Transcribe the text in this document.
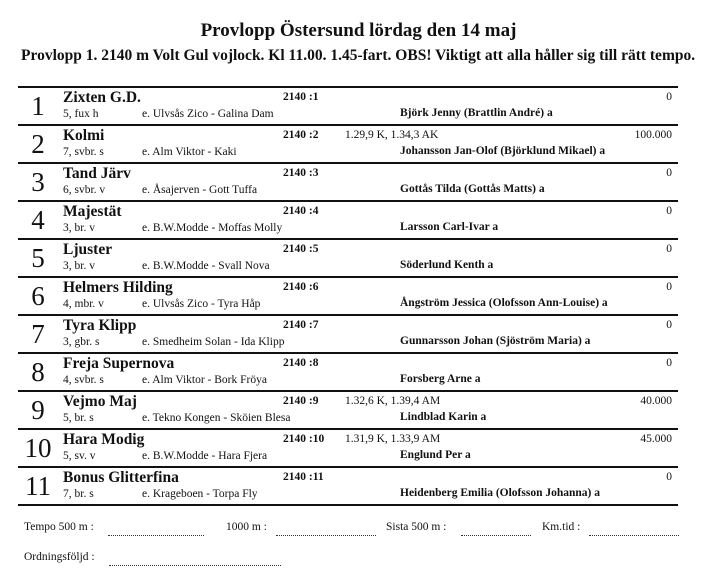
Provlopp Östersund lördag den 14 maj
Provlopp 1. 2140 m Volt Gul vojlock. Kl 11.00. 1.45-fart. OBS! Viktigt att alla håller sig till rätt tempo.
1	Zixten G.D.
5, fux h	e. Ulvsås Zico - Galina Dam
2140 :1
Björk Jenny (Brattlin André) a
0
2	Kolmi
7, svbr. s	e. Alm Viktor - Kaki
2140 :2 1.29,9 K, 1.34,3 AK
Johansson Jan-Olof (Björklund Mikael) a
100.000
3	Tand Järv
6, svbr. v	e. Åsajerven - Gott Tuffa
2140 :3
Gottås Tilda (Gottås Matts) a
0
4	Majestät
3, br. v	e. B.W.Modde - Moffas Molly
2140 :4
Larsson Carl-Ivar a
0
5	Ljuster
3, br. v	e. B.W.Modde - Svall Nova
2140 :5
Söderlund Kenth a
0
6	Helmers Hilding
4, mbr. v	e. Ulvsås Zico - Tyra Håp
2140 :6
Ångström Jessica (Olofsson Ann-Louise) a
0
7	Tyra Klipp
3, gbr. s	e. Smedheim Solan - Ida Klipp
2140 :7
Gunnarsson Johan (Sjöström Maria) a
0
8	Freja Supernova
4, svbr. s	e. Alm Viktor - Bork Fröya
2140 :8
Forsberg Arne a
0
9	Vejmo Maj
5, br. s	e. Tekno Kongen - Sköien Blesa
2140 :9 1.32,6 K, 1.39,4 AM
Lindblad Karin a
40.000
10 Hara Modig
5, sv. v	e. B.W.Modde - Hara Fjera
2140 :10 1.31,9 K, 1.33,9 AM
Englund Per a
45.000
11 Bonus Glitterfina
7, br. s	e. Krageboen - Torpa Fly
2140 :11
Heidenberg Emilia (Olofsson Johanna) a
0
Tempo 500 m :	1000 m :	Sista 500 m :	Km.tid :
Ordningsföljd :
